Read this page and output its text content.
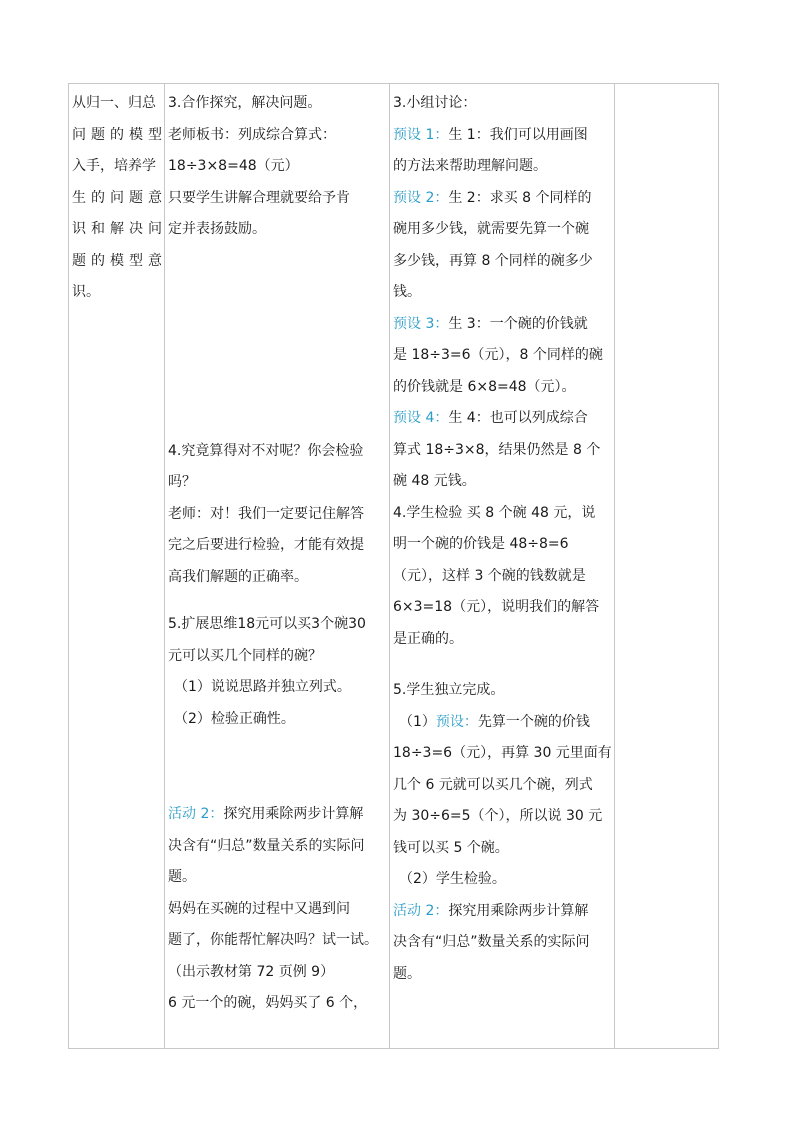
从归一、归总
问题的模型
入手，培养学
生的问题意
识和解决问
题的模型意
识。

3.合作探究，解决问题。
老师板书：列成综合算式：
18÷3×8=48（元）
只要学生讲解合理就要给予肯
定并表扬鼓励。
4.究竟算得对不对呢？你会检验
吗？
老师：对！我们一定要记住解答
完之后要进行检验，才能有效提
高我们解题的正确率。
5.扩展思维18元可以买3个碗30
元可以买几个同样的碗？
（1）说说思路并独立列式。
（2）检验正确性。
活动 2：探究用乘除两步计算解
决含有“归总”数量关系的实际问
题。
妈妈在买碗的过程中又遇到问
题了，你能帮忙解决吗？试一试。
（出示教材第 72 页例 9）
6 元一个的碗，妈妈买了 6 个，

3.小组讨论：
预设 1：生 1：我们可以用画图
的方法来帮助理解问题。
预设 2：生 2：求买 8 个同样的
碗用多少钱，就需要先算一个碗
多少钱，再算 8 个同样的碗多少
钱。
预设 3：生 3：一个碗的价钱就
是 18÷3=6（元），8 个同样的碗
的价钱就是 6×8=48（元）。
预设 4：生 4：也可以列成综合
算式 18÷3×8，结果仍然是 8 个
碗 48 元钱。
4.学生检验 买 8 个碗 48 元，说
明一个碗的价钱是 48÷8=6
（元），这样 3 个碗的钱数就是
6×3=18（元），说明我们的解答
是正确的。
5.学生独立完成。
（1）预设：先算一个碗的价钱
18÷3=6（元），再算 30 元里面有
几个 6 元就可以买几个碗，列式
为 30÷6=5（个），所以说 30 元
钱可以买 5 个碗。
（2）学生检验。
活动 2：探究用乘除两步计算解
决含有“归总”数量关系的实际问
题。
